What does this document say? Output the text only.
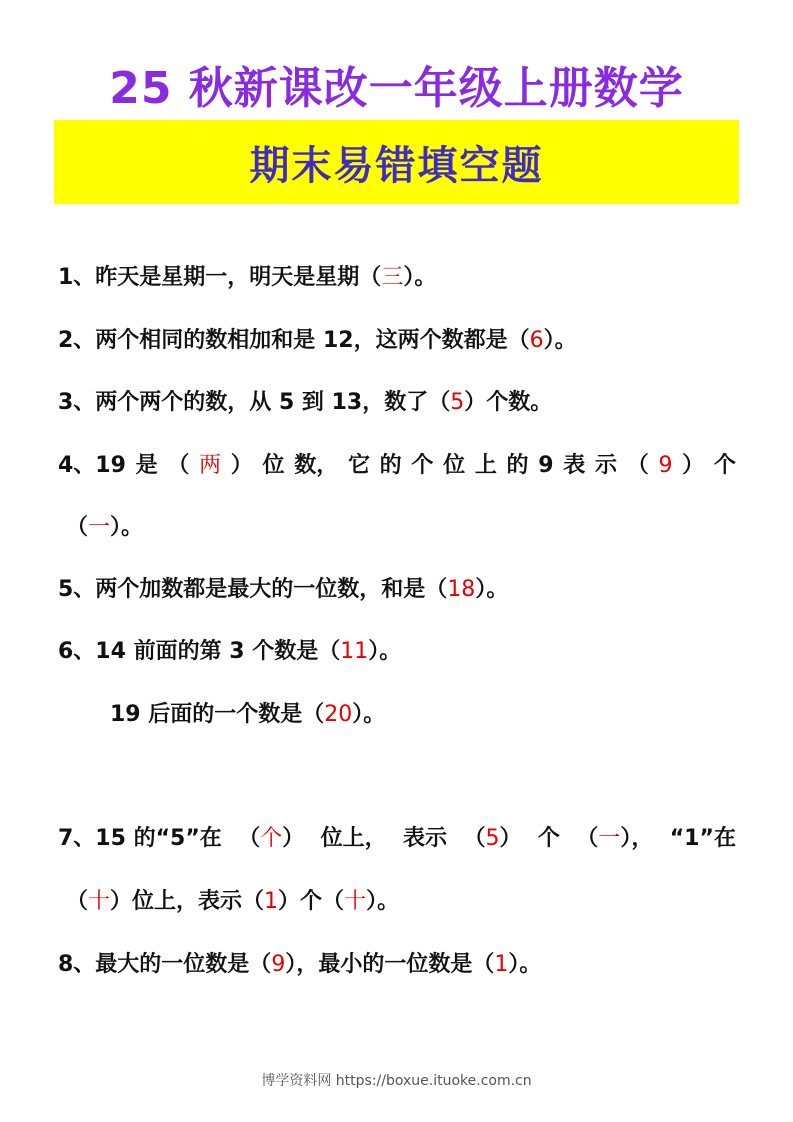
25 秋新课改一年级上册数学
期末易错填空题
1、昨天是星期一，明天是星期（三）。
2、两个相同的数相加和是 12，这两个数都是（6）。
3、两个两个的数，从 5 到 13，数了（5）个数。
4、19 是 （ 两 ） 位 数， 它 的 个 位 上 的 9 表 示 （ 9 ） 个
（一）。
5、两个加数都是最大的一位数，和是（18）。
6、14 前面的第 3 个数是（11）。
19 后面的一个数是（20）。
7、15 的“5”在 （个） 位上， 表示 （5） 个 （一）， “1”在
（十）位上，表示（1）个（十）。
8、最大的一位数是（9），最小的一位数是（1）。
博学资料网 https://boxue.ituoke.com.cn
